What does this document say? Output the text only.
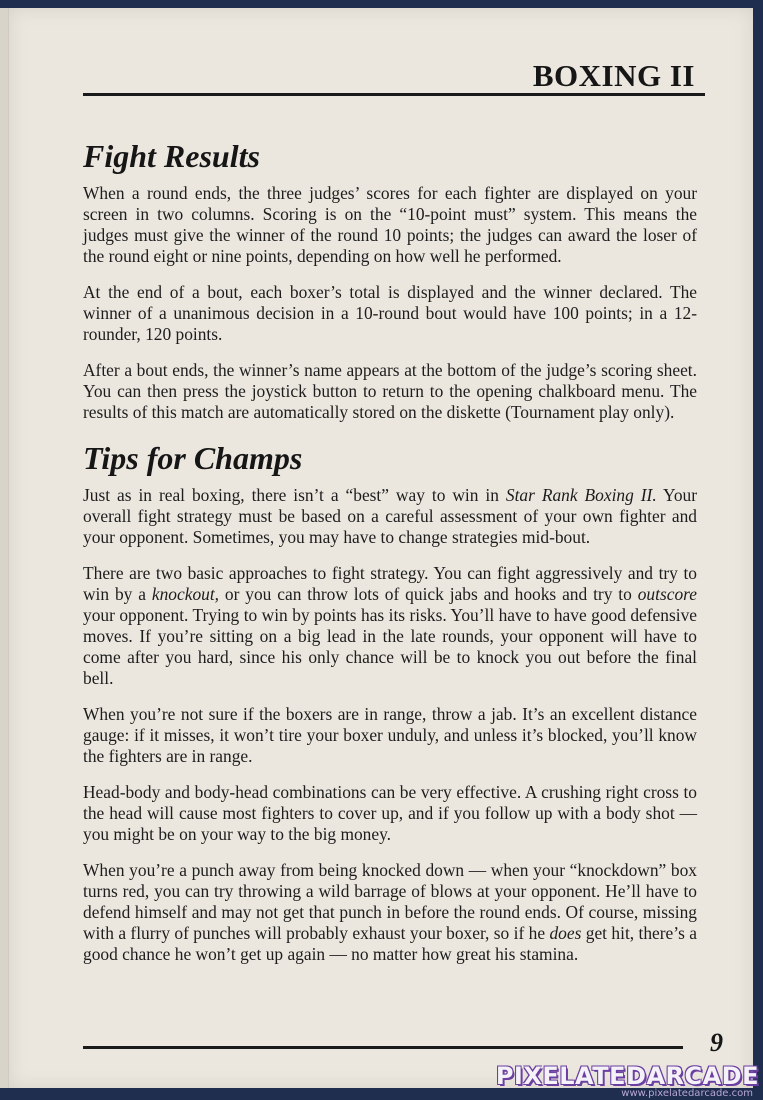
BOXING II
Fight Results

When a round ends, the three judges’ scores for each fighter are displayed on your screen in two columns. Scoring is on the “10-point must” system. This means the judges must give the winner of the round 10 points; the judges can award the loser of the round eight or nine points, depending on how well he performed.

At the end of a bout, each boxer’s total is displayed and the winner declared. The winner of a unanimous decision in a 10-round bout would have 100 points; in a 12-rounder, 120 points.

After a bout ends, the winner’s name appears at the bottom of the judge’s scoring sheet. You can then press the joystick button to return to the opening chalkboard menu. The results of this match are automatically stored on the diskette (Tournament play only).

Tips for Champs

Just as in real boxing, there isn’t a “best” way to win in Star Rank Boxing II. Your overall fight strategy must be based on a careful assessment of your own fighter and your opponent. Sometimes, you may have to change strategies mid-bout.

There are two basic approaches to fight strategy. You can fight aggressively and try to win by a knockout, or you can throw lots of quick jabs and hooks and try to outscore your opponent. Trying to win by points has its risks. You’ll have to have good defensive moves. If you’re sitting on a big lead in the late rounds, your opponent will have to come after you hard, since his only chance will be to knock you out before the final bell.

When you’re not sure if the boxers are in range, throw a jab. It’s an excellent distance gauge: if it misses, it won’t tire your boxer unduly, and unless it’s blocked, you’ll know the fighters are in range.

Head-body and body-head combinations can be very effective. A crushing right cross to the head will cause most fighters to cover up, and if you follow up with a body shot — you might be on your way to the big money.

When you’re a punch away from being knocked down — when your “knockdown” box turns red, you can try throwing a wild barrage of blows at your opponent. He’ll have to defend himself and may not get that punch in before the round ends. Of course, missing with a flurry of punches will probably exhaust your boxer, so if he does get hit, there’s a good chance he won’t get up again — no matter how great his stamina.

9
PIXELATEDARCADE
www.pixelatedarcade.com
